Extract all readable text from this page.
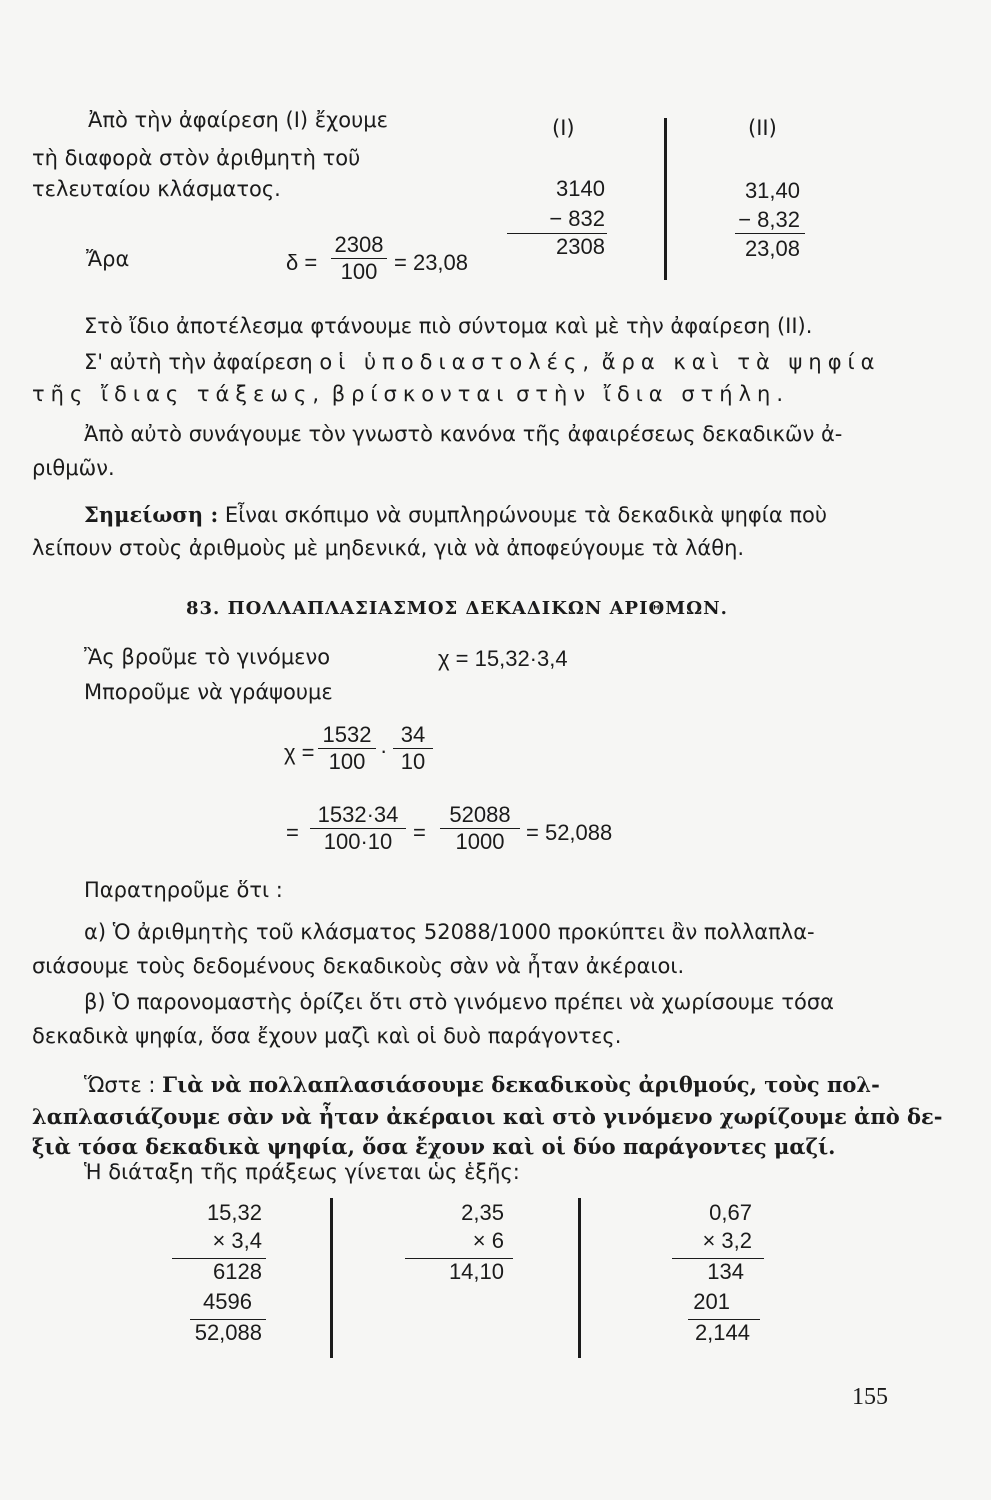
Ἀπὸ τὴν ἀφαίρεση (I) ἔχουμε
τὴ διαφορὰ στὸν ἀριθμητὴ τοῦ
τελευταίου κλάσματος.
(I)
3140
− 832
2308
(II)
31,40
− 8,32
23,08
Ἄρα	$\delta = \frac{2308}{100} = 23,08$
Στὸ ἴδιο ἀποτέλεσμα φτάνουμε πιὸ σύντομα καὶ μὲ τὴν ἀφαίρεση (II).
Σ' αὐτὴ τὴν ἀφαίρεση οἱ ὑποδιαστολές, ἄρα καὶ τὰ ψηφία
τῆς ἴδιας τάξεως, βρίσκονται στὴν ἴδια στήλη.
Ἀπὸ αὐτὸ συνάγουμε τὸν γνωστὸ κανόνα τῆς ἀφαιρέσεως δεκαδικῶν ἀ-
ριθμῶν.
Σημείωση : Εἶναι σκόπιμο νὰ συμπληρώνουμε τὰ δεκαδικὰ ψηφία ποὺ
λείπουν στοὺς ἀριθμοὺς μὲ μηδενικά, γιὰ νὰ ἀποφεύγουμε τὰ λάθη.
83. ΠΟΛΛΑΠΛΑΣΙΑΣΜΟΣ ΔΕΚΑΔΙΚΩΝ ΑΡΙΘΜΩΝ.
Ἂς βροῦμε τὸ γινόμενο	χ = 15,32·3,4
Μποροῦμε νὰ γράψουμε
$\chi = \frac{1532}{100} \cdot \frac{34}{10}$
= $\frac{1532\cdot 34}{100\cdot 10} = \frac{52088}{1000} = 52,088$
Παρατηροῦμε ὅτι :
α) Ὁ ἀριθμητὴς τοῦ κλάσματος 52088/1000 προκύπτει ἂν πολλαπλα-
σιάσουμε τοὺς δεδομένους δεκαδικοὺς σὰν νὰ ἦταν ἀκέραιοι.
β) Ὁ παρονομαστὴς ὁρίζει ὅτι στὸ γινόμενο πρέπει νὰ χωρίσουμε τόσα
δεκαδικὰ ψηφία, ὅσα ἔχουν μαζὶ καὶ οἱ δυὸ παράγοντες.
Ὥστε : Γιὰ νὰ πολλαπλασιάσουμε δεκαδικοὺς ἀριθμούς, τοὺς πολ-
λαπλασιάζουμε σὰν νὰ ἦταν ἀκέραιοι καὶ στὸ γινόμενο χωρίζουμε ἀπὸ δε-
ξιὰ τόσα δεκαδικὰ ψηφία, ὅσα ἔχουν καὶ οἱ δύο παράγοντες μαζί.
Ἡ διάταξη τῆς πράξεως γίνεται ὡς ἑξῆς:
15,32
× 3,4
6128
4596
52,088
2,35
× 6
14,10
0,67
× 3,2
134
201
2,144
155
